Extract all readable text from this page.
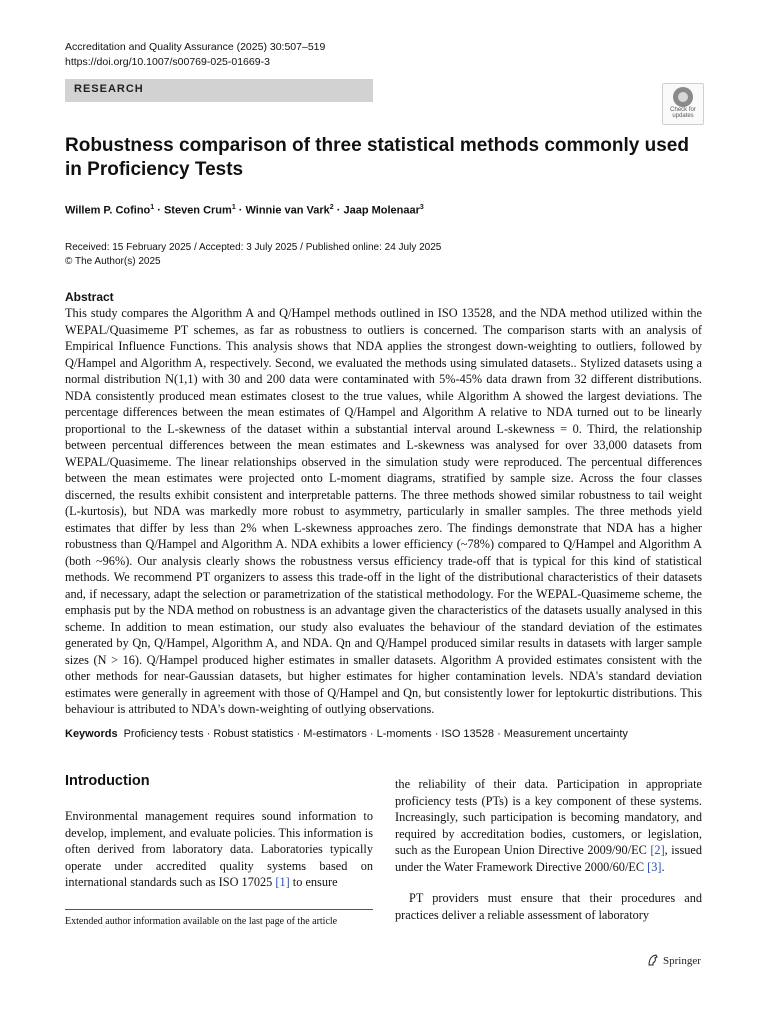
Accreditation and Quality Assurance (2025) 30:507–519
https://doi.org/10.1007/s00769-025-01669-3
RESEARCH
Check for
updates
Robustness comparison of three statistical methods commonly used in Proficiency Tests
Willem P. Cofino$^1$ · Steven Crum$^1$ · Winnie van Vark$^2$ · Jaap Molenaar$^3$
Received: 15 February 2025 / Accepted: 3 July 2025 / Published online: 24 July 2025
© The Author(s) 2025
Abstract

This study compares the Algorithm A and Q/Hampel methods outlined in ISO 13528, and the NDA method utilized within the WEPAL/Quasimeme PT schemes, as far as robustness to outliers is concerned. The comparison starts with an analysis of Empirical Influence Functions. This analysis shows that NDA applies the strongest down-weighting to outliers, followed by Q/Hampel and Algorithm A, respectively. Second, we evaluated the methods using simulated datasets.. Stylized datasets using a normal distribution N(1,1) with 30 and 200 data were contaminated with 5%-45% data drawn from 32 different distributions. NDA consistently produced mean estimates closest to the true values, while Algorithm A showed the largest deviations. The percentage differences between the mean estimates of Q/Hampel and Algorithm A relative to NDA turned out to be linearly proportional to the L-skewness of the dataset within a substantial interval around L-skewness = 0. Third, the relationship between percentual differences between the mean estimates and L-skewness was analysed for over 33,000 datasets from WEPAL/Quasimeme. The linear relationships observed in the simulation study were reproduced. The percentual differences between the mean estimates were projected onto L-moment diagrams, stratified by sample size. Across the four classes discerned, the results exhibit consistent and interpretable patterns. The three methods showed similar robustness to tail weight (L-kurtosis), but NDA was markedly more robust to asymmetry, particularly in smaller samples. The three methods yield estimates that differ by less than 2% when L-skewness approaches zero. The findings demonstrate that NDA has a higher robustness than Q/Hampel and Algorithm A. NDA exhibits a lower efficiency (~78%) compared to Q/Hampel and Algorithm A (both ~96%). Our analysis clearly shows the robustness versus efficiency trade-off that is typical for this kind of statistical methods. We recommend PT organizers to assess this trade-off in the light of the distributional characteristics of their datasets and, if necessary, adapt the selection or parametrization of the statistical methodology. For the WEPAL-Quasimeme scheme, the emphasis put by the NDA method on robustness is an advantage given the characteristics of the datasets usually analysed in this scheme. In addition to mean estimation, our study also evaluates the behaviour of the standard deviation of the estimates generated by Qn, Q/Hampel, Algorithm A, and NDA. Qn and Q/Hampel produced similar results in datasets with larger sample sizes (N > 16). Q/Hampel produced higher estimates in smaller datasets. Algorithm A provided estimates consistent with the other methods for near-Gaussian datasets, but higher estimates for higher contamination levels. NDA's standard deviation estimates were generally in agreement with those of Q/Hampel and Qn, but consistently lower for leptokurtic distributions. This behaviour is attributed to NDA's down-weighting of outlying observations.

Keywords Proficiency tests · Robust statistics · M-estimators · L-moments · ISO 13528 · Measurement uncertainty
Introduction

Environmental management requires sound information to develop, implement, and evaluate policies. This information is often derived from laboratory data. Laboratories typically operate under accredited quality systems based on international standards such as ISO 17025 [1] to ensure

Extended author information available on the last page of the article

the reliability of their data. Participation in appropriate proficiency tests (PTs) is a key component of these systems. Increasingly, such participation is becoming mandatory, and required by accreditation bodies, customers, or legislation, such as the European Union Directive 2009/90/EC [2], issued under the Water Framework Directive 2000/60/EC [3].

PT providers must ensure that their procedures and practices deliver a reliable assessment of laboratory

Springer
